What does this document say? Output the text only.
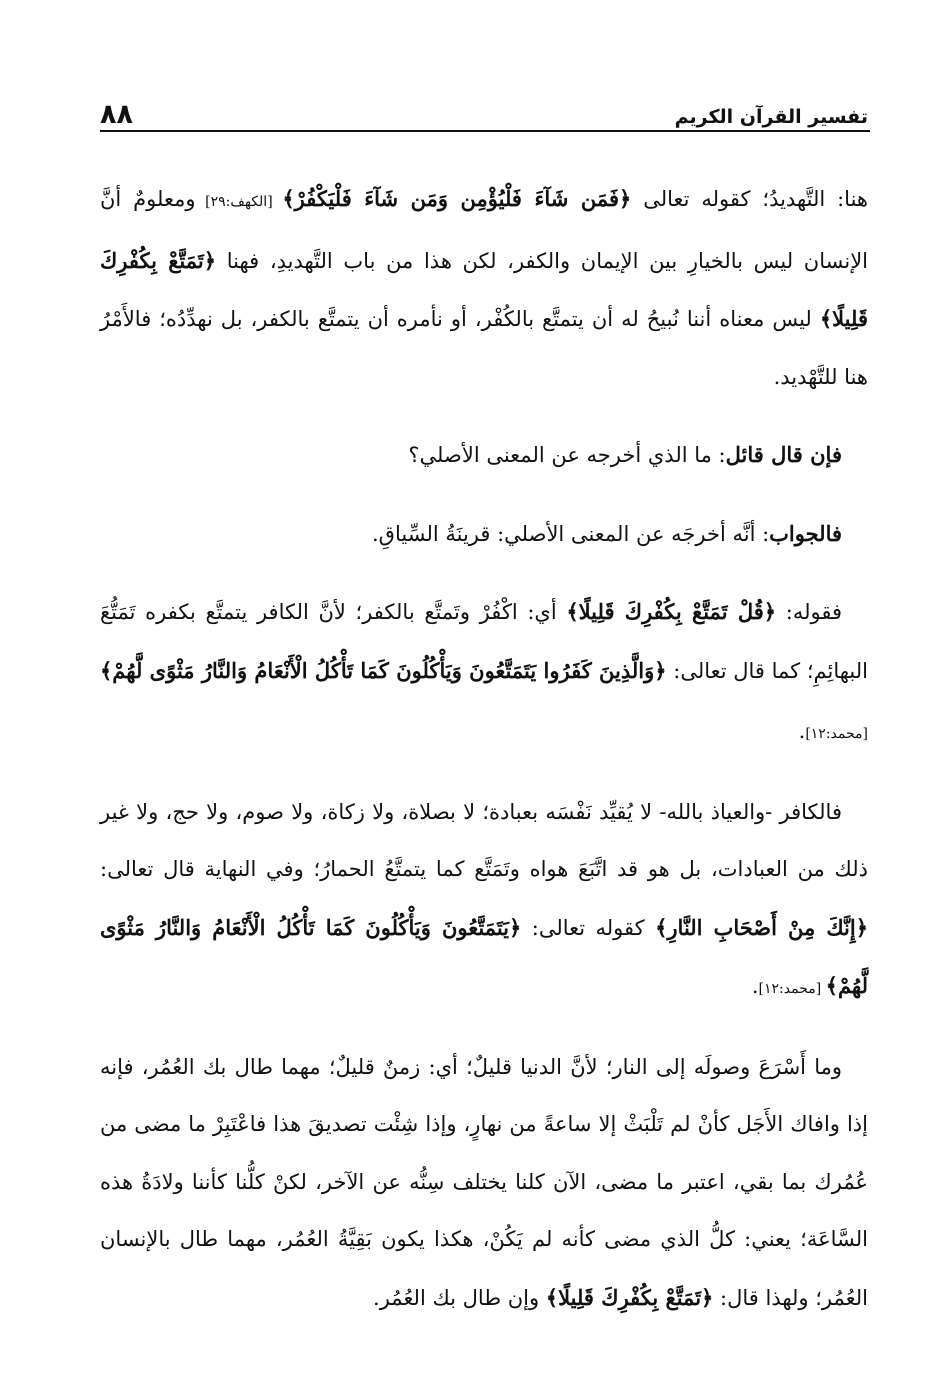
تفسير القرآن الكريم
٨٨

هنا: التَّهديدُ؛ كقوله تعالى ﴿فَمَن شَآءَ فَلْيُؤْمِن وَمَن شَآءَ فَلْيَكْفُرْ﴾ [الكهف:٢٩] ومعلومٌ أنَّ الإنسان ليس بالخيارِ بين الإيمان والكفر، لكن هذا من باب التَّهديدِ، فهنا ﴿تَمَتَّعْ بِكُفْرِكَ قَلِيلًا﴾ ليس معناه أننا نُبيحُ له أن يتمتَّع بالكُفْر، أو نأمره أن يتمتَّع بالكفر، بل نهدِّدُه؛ فالأَمْرُ هنا للتَّهْديد.

فإن قال قائل: ما الذي أخرجه عن المعنى الأصلي؟

فالجواب: أنَّه أخرجَه عن المعنى الأصلي: قرينَةُ السِّياقِ.

فقوله: ﴿قُلْ تَمَتَّعْ بِكُفْرِكَ قَلِيلًا﴾ أي: اكْفُرْ وتَمتَّع بالكفر؛ لأنَّ الكافر يتمتَّع بكفره تَمَتُّعَ البهائِمِ؛ كما قال تعالى: ﴿وَالَّذِينَ كَفَرُوا يَتَمَتَّعُونَ وَيَأْكُلُونَ كَمَا تَأْكُلُ الْأَنْعَامُ وَالنَّارُ مَثْوًى لَّهُمْ﴾ [محمد:١٢].

فالكافر -والعياذ بالله- لا يُقيِّد نَفْسَه بعبادة؛ لا بصلاة، ولا زكاة، ولا صوم، ولا حج، ولا غير ذلك من العبادات، بل هو قد اتَّبَعَ هواه وتَمَتَّع كما يتمتَّعُ الحمارُ؛ وفي النهاية قال تعالى: ﴿إِنَّكَ مِنْ أَصْحَابِ النَّارِ﴾ كقوله تعالى: ﴿يَتَمَتَّعُونَ وَيَأْكُلُونَ كَمَا تَأْكُلُ الْأَنْعَامُ وَالنَّارُ مَثْوًى لَّهُمْ﴾ [محمد:١٢].

وما أَسْرَعَ وصولَه إلى النار؛ لأنَّ الدنيا قليلٌ؛ أي: زمنٌ قليلٌ؛ مهما طال بك العُمُر، فإنه إذا وافاك الأَجَل كأنْ لم تَلْبَثْ إلا ساعةً من نهارٍ، وإذا شِئْت تصديقَ هذا فاعْتَبِرْ ما مضى من عُمُرك بما بقي، اعتبر ما مضى، الآن كلنا يختلف سِنُّه عن الآخر، لكنْ كلُّنا كأننا ولادَةُ هذه السَّاعَة؛ يعني: كلُّ الذي مضى كأنه لم يَكُنْ، هكذا يكون بَقِيَّةُ العُمُر، مهما طال بالإنسان العُمُر؛ ولهذا قال: ﴿تَمَتَّعْ بِكُفْرِكَ قَلِيلًا﴾ وإن طال بك العُمُر.
